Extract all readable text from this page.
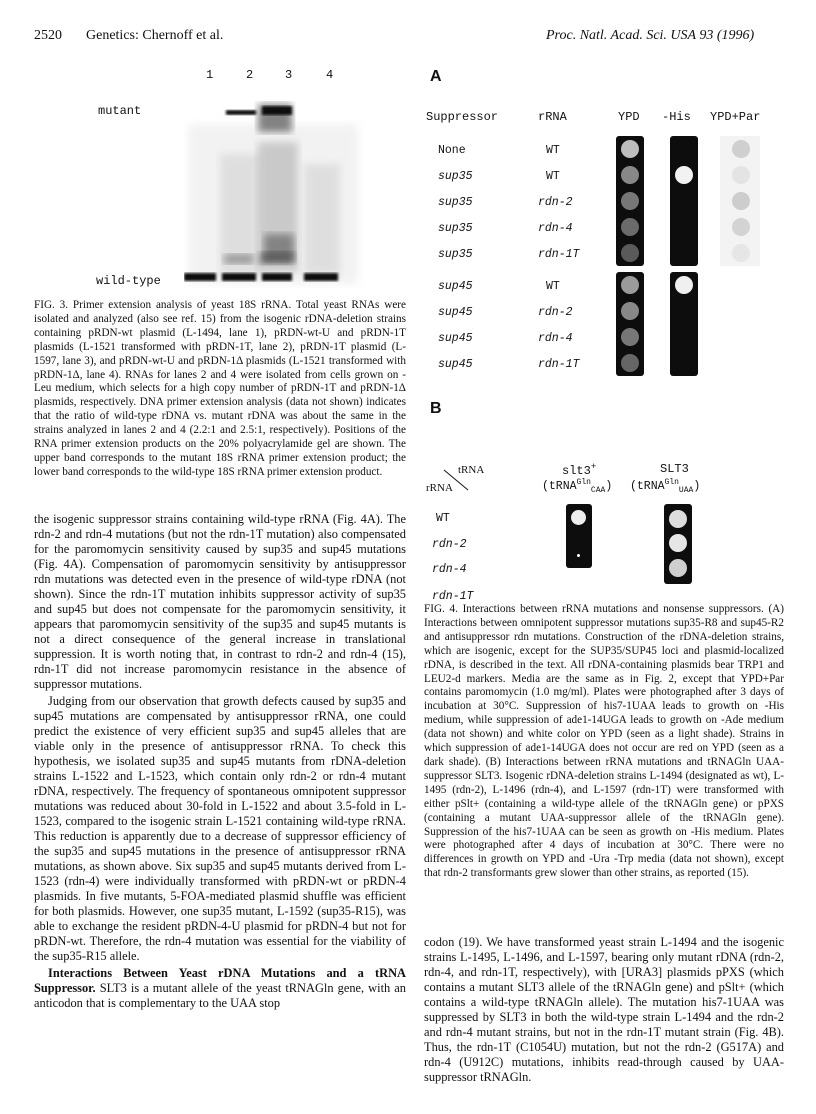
2520 Genetics: Chernoff et al.	Proc. Natl. Acad. Sci. USA 93 (1996)
1	2	3	4
mutant
wild-type

FIG. 3. Primer extension analysis of yeast 18S rRNA. Total yeast RNAs were isolated and analyzed (also see ref. 15) from the isogenic rDNA-deletion strains containing pRDN-wt plasmid (L-1494, lane 1), pRDN-wt-U and pRDN-1T plasmids (L-1521 transformed with pRDN-1T, lane 2), pRDN-1T plasmid (L-1597, lane 3), and pRDN-wt-U and pRDN-1Δ plasmids (L-1521 transformed with pRDN-1Δ, lane 4). RNAs for lanes 2 and 4 were isolated from cells grown on -Leu medium, which selects for a high copy number of pRDN-1T and pRDN-1Δ plasmids, respectively. DNA primer extension analysis (data not shown) indicates that the ratio of wild-type rDNA vs. mutant rDNA was about the same in the strains analyzed in lanes 2 and 4 (2.2:1 and 2.5:1, respectively). Positions of the RNA primer extension products on the 20% polyacrylamide gel are shown. The upper band corresponds to the mutant 18S rRNA primer extension product; the lower band corresponds to the wild-type 18S rRNA primer extension product.

A
Suppressor	rRNA	YPD -His YPD+Par
None	WT
sup35	WT
sup35	rdn-2
sup35	rdn-4
sup35	rdn-1T
sup45	WT
sup45	rdn-2
sup45	rdn-4
sup45	rdn-1T
B
tRNA
rRNA
slt3+
(tRNA$^{Gln}_{CAA}$)
SLT3
(tRNA$^{Gln}_{UAA}$)
WT
rdn-2
rdn-4
rdn-1T

the isogenic suppressor strains containing wild-type rRNA (Fig. 4A). The rdn-2 and rdn-4 mutations (but not the rdn-1T mutation) also compensated for the paromomycin sensitivity caused by sup35 and sup45 mutations (Fig. 4A). Compensation of paromomycin sensitivity by antisuppressor rdn mutations was detected even in the presence of wild-type rDNA (not shown). Since the rdn-1T mutation inhibits suppressor activity of sup35 and sup45 but does not compensate for the paromomycin sensitivity, it appears that paromomycin sensitivity of the sup35 and sup45 mutants is not a direct consequence of the general increase in translational suppression. It is worth noting that, in contrast to rdn-2 and rdn-4 (15), rdn-1T did not increase paromomycin resistance in the absence of suppressor mutations.

Judging from our observation that growth defects caused by sup35 and sup45 mutations are compensated by antisuppressor rRNA, one could predict the existence of very efficient sup35 and sup45 alleles that are viable only in the presence of antisuppressor rRNA. To check this hypothesis, we isolated sup35 and sup45 mutants from rDNA-deletion strains L-1522 and L-1523, which contain only rdn-2 or rdn-4 mutant rDNA, respectively. The frequency of spontaneous omnipotent suppressor mutations was reduced about 30-fold in L-1522 and about 3.5-fold in L-1523, compared to the isogenic strain L-1521 containing wild-type rRNA. This reduction is apparently due to a decrease of suppressor efficiency of the sup35 and sup45 mutations in the presence of antisuppressor rRNA mutations, as shown above. Six sup35 and sup45 mutants derived from L-1523 (rdn-4) were individually transformed with pRDN-wt or pRDN-4 plasmids. In five mutants, 5-FOA-mediated plasmid shuffle was efficient for both plasmids. However, one sup35 mutant, L-1592 (sup35-R15), was able to exchange the resident pRDN-4-U plasmid for pRDN-4 but not for pRDN-wt. Therefore, the rdn-4 mutation was essential for the viability of the sup35-R15 allele.

Interactions Between Yeast rDNA Mutations and a tRNA Suppressor. SLT3 is a mutant allele of the yeast tRNAGln gene, with an anticodon that is complementary to the UAA stop

FIG. 4. Interactions between rRNA mutations and nonsense suppressors. (A) Interactions between omnipotent suppressor mutations sup35-R8 and sup45-R2 and antisuppressor rdn mutations. Construction of the rDNA-deletion strains, which are isogenic, except for the SUP35/SUP45 loci and plasmid-localized rDNA, is described in the text. All rDNA-containing plasmids bear TRP1 and LEU2-d markers. Media are the same as in Fig. 2, except that YPD+Par contains paromomycin (1.0 mg/ml). Plates were photographed after 3 days of incubation at 30°C. Suppression of his7-1UAA leads to growth on -His medium, while suppression of ade1-14UGA leads to growth on -Ade medium (data not shown) and white color on YPD (seen as a light shade). Strains in which suppression of ade1-14UGA does not occur are red on YPD (seen as a dark shade). (B) Interactions between rRNA mutations and tRNAGln UAA-suppressor SLT3. Isogenic rDNA-deletion strains L-1494 (designated as wt), L-1495 (rdn-2), L-1496 (rdn-4), and L-1597 (rdn-1T) were transformed with either pSlt+ (containing a wild-type allele of the tRNAGln gene) or pPXS (containing a mutant UAA-suppressor allele of the tRNAGln gene). Suppression of the his7-1UAA can be seen as growth on -His medium. Plates were photographed after 4 days of incubation at 30°C. There were no differences in growth on YPD and -Ura -Trp media (data not shown), except that rdn-2 transformants grew slower than other strains, as reported (15).

codon (19). We have transformed yeast strain L-1494 and the isogenic strains L-1495, L-1496, and L-1597, bearing only mutant rDNA (rdn-2, rdn-4, and rdn-1T, respectively), with [URA3] plasmids pPXS (which contains a mutant SLT3 allele of the tRNAGln gene) and pSlt+ (which contains a wild-type tRNAGln allele). The mutation his7-1UAA was suppressed by SLT3 in both the wild-type strain L-1494 and the rdn-2 and rdn-4 mutant strains, but not in the rdn-1T mutant strain (Fig. 4B). Thus, the rdn-1T (C1054U) mutation, but not the rdn-2 (G517A) and rdn-4 (U912C) mutations, inhibits read-through caused by UAA-suppressor tRNAGln.
